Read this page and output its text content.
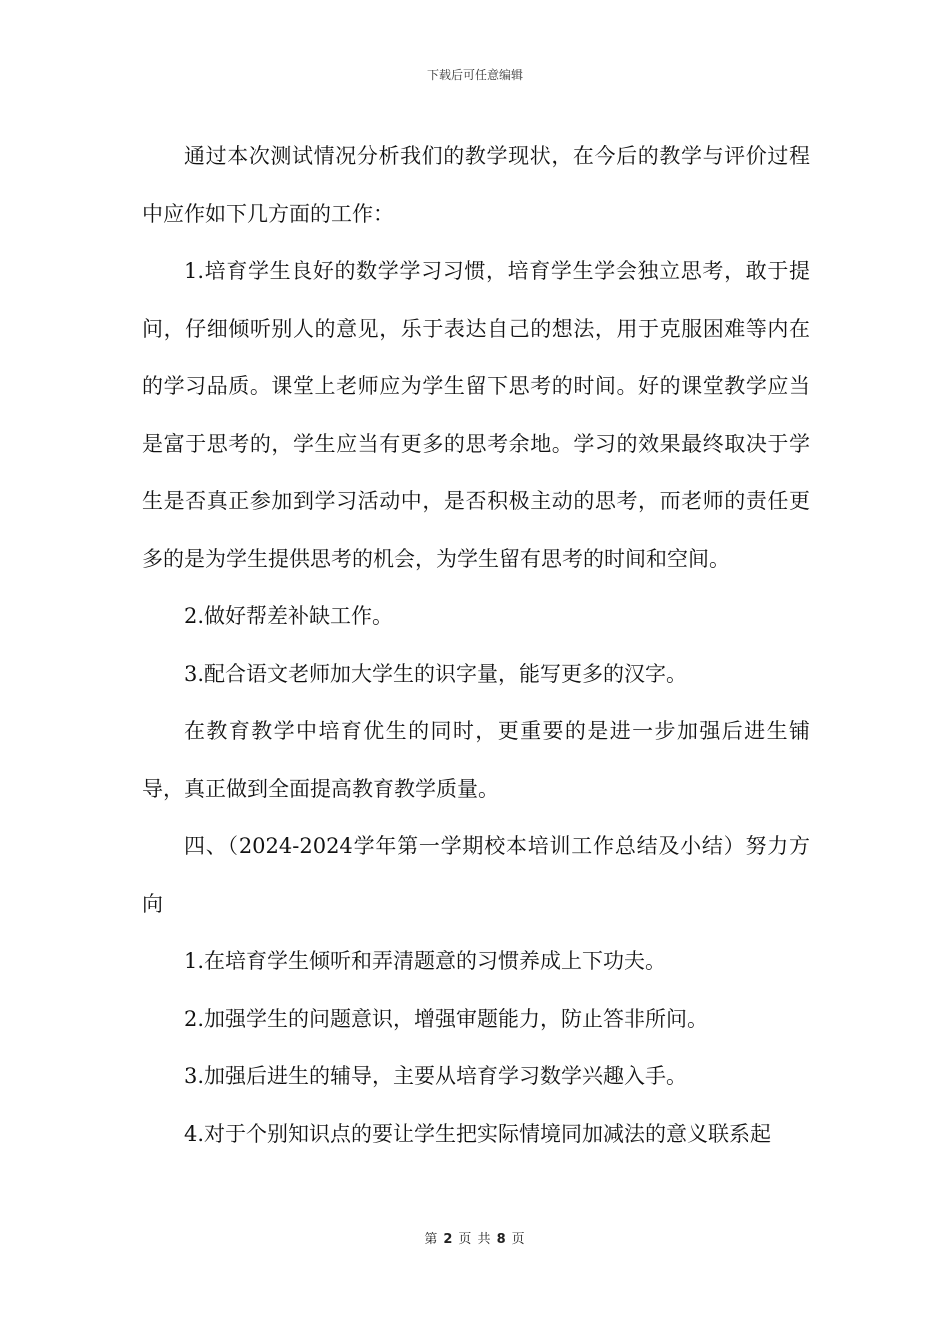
下载后可任意编辑

通过本次测试情况分析我们的教学现状，在今后的教学与评价过程中应作如下几方面的工作：

1.培育学生良好的数学学习习惯，培育学生学会独立思考，敢于提问，仔细倾听别人的意见，乐于表达自己的想法，用于克服困难等内在的学习品质。课堂上老师应为学生留下思考的时间。好的课堂教学应当是富于思考的，学生应当有更多的思考余地。学习的效果最终取决于学生是否真正参加到学习活动中，是否积极主动的思考，而老师的责任更多的是为学生提供思考的机会，为学生留有思考的时间和空间。

2.做好帮差补缺工作。

3.配合语文老师加大学生的识字量，能写更多的汉字。

在教育教学中培育优生的同时，更重要的是进一步加强后进生铺导，真正做到全面提高教育教学质量。

四、（2024-2024学年第一学期校本培训工作总结及小结）努力方向

1.在培育学生倾听和弄清题意的习惯养成上下功夫。

2.加强学生的问题意识，增强审题能力，防止答非所问。

3.加强后进生的辅导，主要从培育学习数学兴趣入手。

4.对于个别知识点的要让学生把实际情境同加减法的意义联系起

第 2 页 共 8 页
